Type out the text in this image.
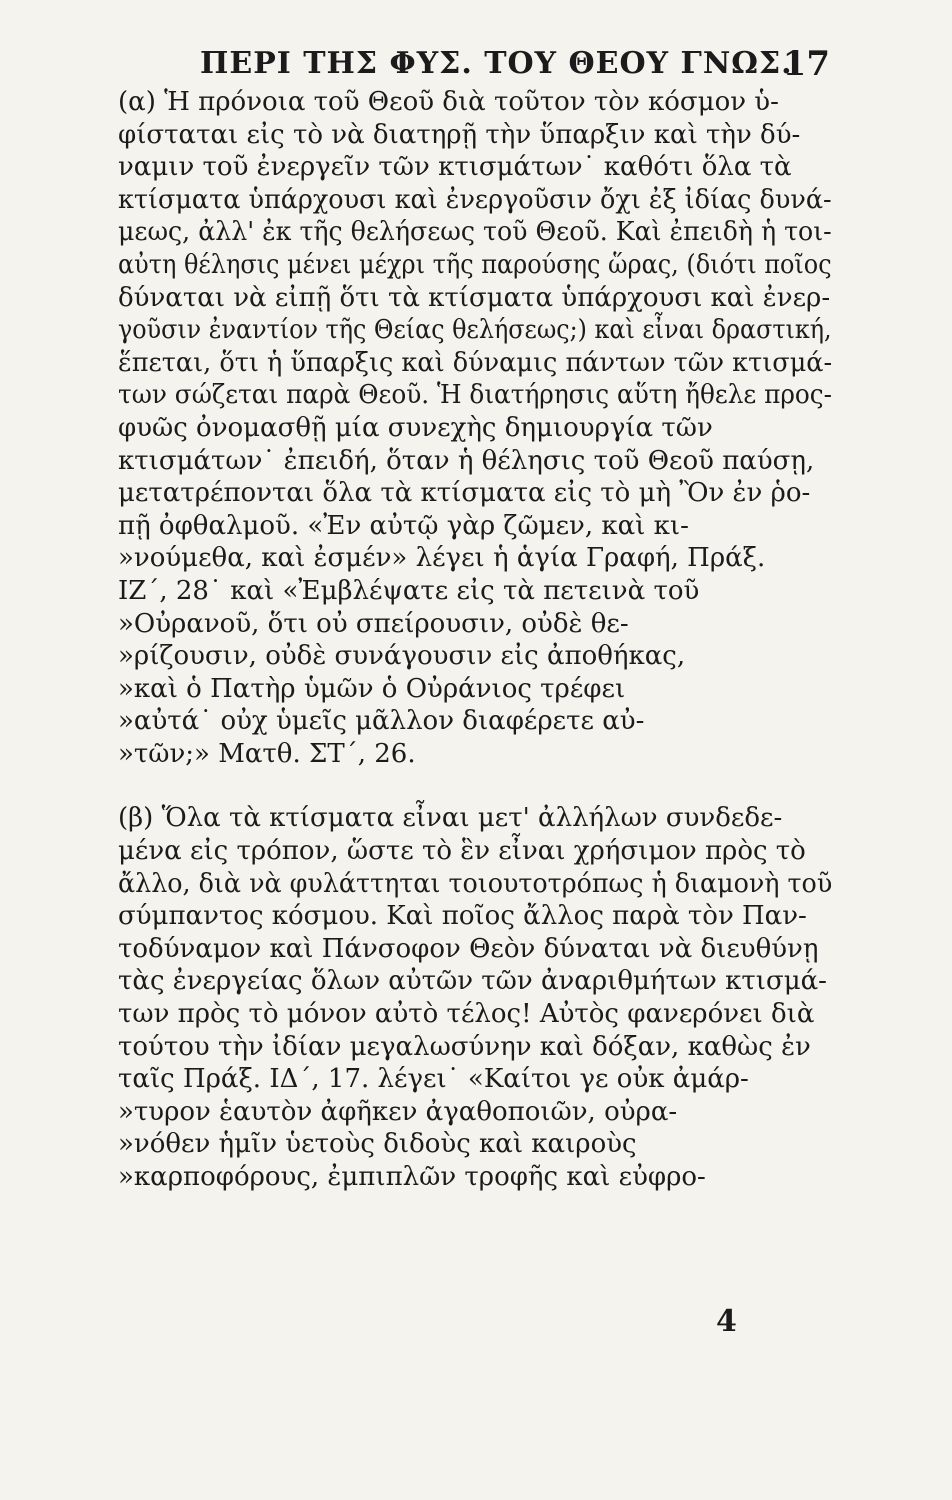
ΠΕΡΙ ΤΗΣ ΦΥΣ. ΤΟΥ ΘΕΟΥ ΓΝΩΣ.
17
(α) Ἡ πρόνοια τοῦ Θεοῦ διὰ τοῦτον τὸν κόσμον ὑ-
φίσταται εἰς τὸ νὰ διατηρῇ τὴν ὕπαρξιν καὶ τὴν δύ-
ναμιν τοῦ ἐνεργεῖν τῶν κτισμάτων˙ καθότι ὅλα τὰ
κτίσματα ὑπάρχουσι καὶ ἐνεργοῦσιν ὄχι ἐξ ἰδίας δυνά-
μεως, ἀλλ' ἐκ τῆς θελήσεως τοῦ Θεοῦ. Καὶ ἐπειδὴ ἡ τοι-
αὐτη θέλησις μένει μέχρι τῆς παρούσης ὥρας, (διότι ποῖος
δύναται νὰ εἰπῇ ὅτι τὰ κτίσματα ὑπάρχουσι καὶ ἐνερ-
γοῦσιν ἐναντίον τῆς Θείας θελήσεως;) καὶ εἶναι δραστική,
ἕπεται, ὅτι ἡ ὕπαρξις καὶ δύναμις πάντων τῶν κτισμά-
των σώζεται παρὰ Θεοῦ. Ἡ διατήρησις αὕτη ἤθελε προς-
φυῶς ὀνομασθῇ μία συνεχὴς δημιουργία τῶν
κτισμάτων˙ ἐπειδή, ὅταν ἡ θέλησις τοῦ Θεοῦ παύσῃ,
μετατρέπονται ὅλα τὰ κτίσματα εἰς τὸ μὴ Ὂν ἐν ῥο-
πῇ ὀφθαλμοῦ. «Ἐν αὐτῷ γὰρ ζῶμεν, καὶ κι-
»νούμεθα, καὶ ἐσμέν» λέγει ἡ ἁγία Γραφή, Πράξ.
ΙΖ΄, 28˙ καὶ «Ἐμβλέψατε εἰς τὰ πετεινὰ τοῦ
»Οὐρανοῦ, ὅτι οὐ σπείρουσιν, οὐδὲ θε-
»ρίζουσιν, οὐδὲ συνάγουσιν εἰς ἀποθήκας,
»καὶ ὁ Πατὴρ ὑμῶν ὁ Οὐράνιος τρέφει
»αὐτά˙ οὐχ ὑμεῖς μᾶλλον διαφέρετε αὐ-
»τῶν;» Ματθ. ΣΤ΄, 26.
(β) Ὅλα τὰ κτίσματα εἶναι μετ' ἀλλήλων συνδεδε-
μένα εἰς τρόπον, ὥστε τὸ ἓν εἶναι χρήσιμον πρὸς τὸ
ἄλλο, διὰ νὰ φυλάττηται τοιουτοτρόπως ἡ διαμονὴ τοῦ
σύμπαντος κόσμου. Καὶ ποῖος ἄλλος παρὰ τὸν Παν-
τοδύναμον καὶ Πάνσοφον Θεὸν δύναται νὰ διευθύνῃ
τὰς ἐνεργείας ὅλων αὐτῶν τῶν ἀναριθμήτων κτισμά-
των πρὸς τὸ μόνον αὐτὸ τέλος! Αὐτὸς φανερόνει διὰ
τούτου τὴν ἰδίαν μεγαλωσύνην καὶ δόξαν, καθὼς ἐν
ταῖς Πράξ. ΙΔ΄, 17. λέγει˙ «Καίτοι γε οὐκ ἀμάρ-
»τυρον ἑαυτὸν ἀφῆκεν ἀγαθοποιῶν, οὐρα-
»νόθεν ἡμῖν ὑετοὺς διδοὺς καὶ καιροὺς
»καρποφόρους, ἐμπιπλῶν τροφῆς καὶ εὐφρο-
4
